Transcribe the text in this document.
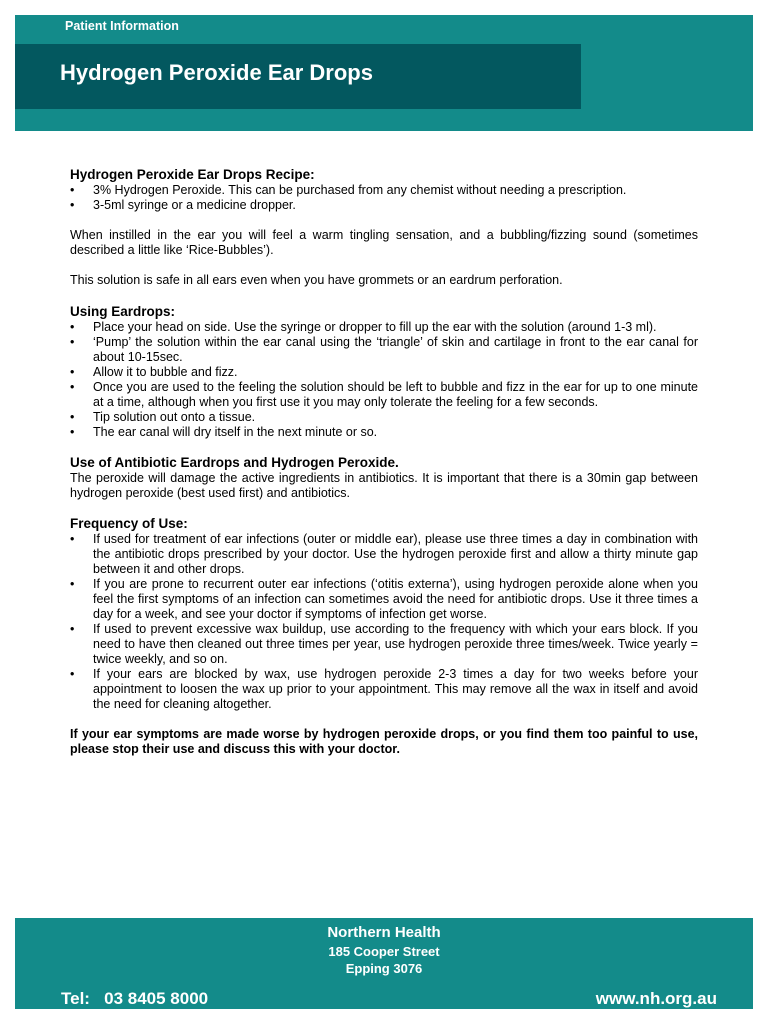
Patient Information
Hydrogen Peroxide Ear Drops
Hydrogen Peroxide Ear Drops Recipe:
• 3% Hydrogen Peroxide. This can be purchased from any chemist without needing a prescription.
• 3-5ml syringe or a medicine dropper.

When instilled in the ear you will feel a warm tingling sensation, and a bubbling/fizzing sound (sometimes described a little like ‘Rice-Bubbles’).

This solution is safe in all ears even when you have grommets or an eardrum perforation.

Using Eardrops:
• Place your head on side. Use the syringe or dropper to fill up the ear with the solution (around 1-3 ml).
• ‘Pump’ the solution within the ear canal using the ‘triangle’ of skin and cartilage in front to the ear canal for about 10-15sec.
• Allow it to bubble and fizz.
• Once you are used to the feeling the solution should be left to bubble and fizz in the ear for up to one minute at a time, although when you first use it you may only tolerate the feeling for a few seconds.
• Tip solution out onto a tissue.
• The ear canal will dry itself in the next minute or so.
Use of Antibiotic Eardrops and Hydrogen Peroxide.

The peroxide will damage the active ingredients in antibiotics. It is important that there is a 30min gap between hydrogen peroxide (best used first) and antibiotics.

Frequency of Use:
• If used for treatment of ear infections (outer or middle ear), please use three times a day in combination with the antibiotic drops prescribed by your doctor. Use the hydrogen peroxide first and allow a thirty minute gap between it and other drops.
• If you are prone to recurrent outer ear infections (‘otitis externa’), using hydrogen peroxide alone when you feel the first symptoms of an infection can sometimes avoid the need for antibiotic drops. Use it three times a day for a week, and see your doctor if symptoms of infection get worse.
• If used to prevent excessive wax buildup, use according to the frequency with which your ears block. If you need to have then cleaned out three times per year, use hydrogen peroxide three times/week. Twice yearly = twice weekly, and so on.
• If your ears are blocked by wax, use hydrogen peroxide 2-3 times a day for two weeks before your appointment to loosen the wax up prior to your appointment. This may remove all the wax in itself and avoid the need for cleaning altogether.

If your ear symptoms are made worse by hydrogen peroxide drops, or you find them too painful to use, please stop their use and discuss this with your doctor.

Northern Health
185 Cooper Street
Epping 3076
Tel:   03 8405 8000	www.nh.org.au
